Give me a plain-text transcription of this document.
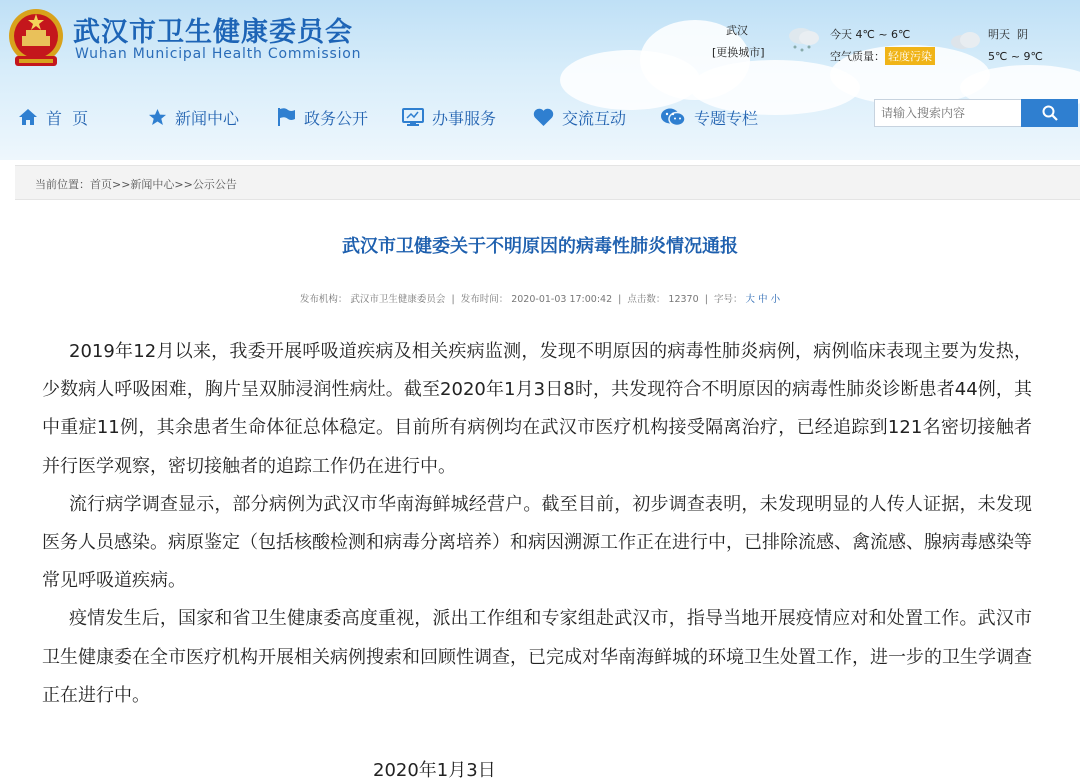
武汉市卫生健康委员会
Wuhan Municipal Health Commission
武汉
[更换城市]
今天 4℃ ~ 6℃
空气质量： 轻度污染
明天 阴
5℃ ~ 9℃
首  页	新闻中心	政务公开	办事服务	交流互动	专题专栏
请输入搜索内容
当前位置：首页>>新闻中心>>公示公告
武汉市卫健委关于不明原因的病毒性肺炎情况通报
发布机构： 武汉市卫生健康委员会  |  发布时间： 2020-01-03 17:00:42  |  点击数： 12370  |  字号： 大 中 小

2019年12月以来，我委开展呼吸道疾病及相关疾病监测，发现不明原因的病毒性肺炎病例，病例临床表现主要为发热，少数病人呼吸困难，胸片呈双肺浸润性病灶。截至2020年1月3日8时，共发现符合不明原因的病毒性肺炎诊断患者44例，其中重症11例，其余患者生命体征总体稳定。目前所有病例均在武汉市医疗机构接受隔离治疗，已经追踪到121名密切接触者并行医学观察，密切接触者的追踪工作仍在进行中。

流行病学调查显示，部分病例为武汉市华南海鲜城经营户。截至目前，初步调查表明，未发现明显的人传人证据，未发现医务人员感染。病原鉴定（包括核酸检测和病毒分离培养）和病因溯源工作正在进行中，已排除流感、禽流感、腺病毒感染等常见呼吸道疾病。

疫情发生后，国家和省卫生健康委高度重视，派出工作组和专家组赴武汉市，指导当地开展疫情应对和处置工作。武汉市卫生健康委在全市医疗机构开展相关病例搜索和回顾性调查，已完成对华南海鲜城的环境卫生处置工作，进一步的卫生学调查正在进行中。

2020年1月3日
